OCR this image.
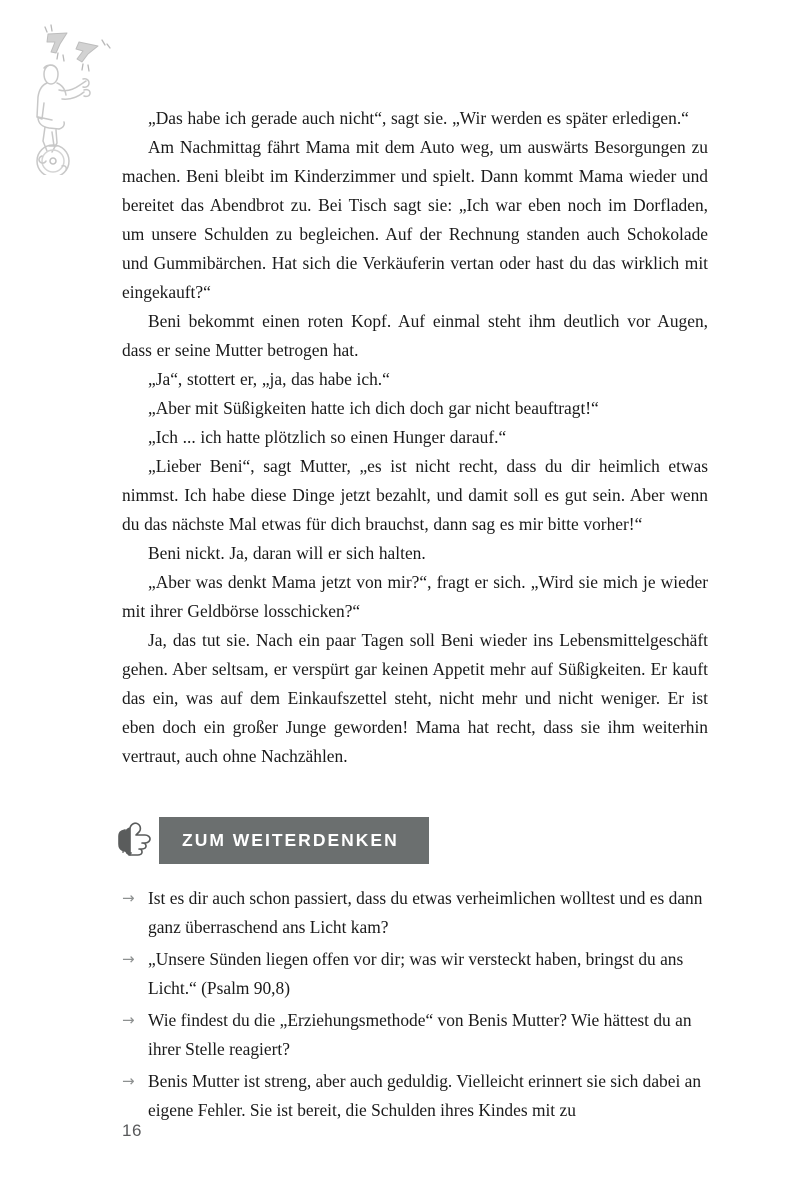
„Das habe ich gerade auch nicht“, sagt sie. „Wir werden es später erledigen.“

Am Nachmittag fährt Mama mit dem Auto weg, um auswärts Besorgungen zu machen. Beni bleibt im Kinderzimmer und spielt. Dann kommt Mama wieder und bereitet das Abendbrot zu. Bei Tisch sagt sie: „Ich war eben noch im Dorfladen, um unsere Schulden zu begleichen. Auf der Rechnung standen auch Schokolade und Gummibärchen. Hat sich die Verkäuferin vertan oder hast du das wirklich mit eingekauft?“

Beni bekommt einen roten Kopf. Auf einmal steht ihm deutlich vor Augen, dass er seine Mutter betrogen hat.

„Ja“, stottert er, „ja, das habe ich.“

„Aber mit Süßigkeiten hatte ich dich doch gar nicht beauftragt!“

„Ich ... ich hatte plötzlich so einen Hunger darauf.“

„Lieber Beni“, sagt Mutter, „es ist nicht recht, dass du dir heimlich etwas nimmst. Ich habe diese Dinge jetzt bezahlt, und damit soll es gut sein. Aber wenn du das nächste Mal etwas für dich brauchst, dann sag es mir bitte vorher!“

Beni nickt. Ja, daran will er sich halten.

„Aber was denkt Mama jetzt von mir?“, fragt er sich. „Wird sie mich je wieder mit ihrer Geldbörse losschicken?“

Ja, das tut sie. Nach ein paar Tagen soll Beni wieder ins Lebensmittelgeschäft gehen. Aber seltsam, er verspürt gar keinen Appetit mehr auf Süßigkeiten. Er kauft das ein, was auf dem Einkaufszettel steht, nicht mehr und nicht weniger. Er ist eben doch ein großer Junge geworden! Mama hat recht, dass sie ihm weiterhin vertraut, auch ohne Nachzählen.

ZUM WEITERDENKEN
→ Ist es dir auch schon passiert, dass du etwas verheimlichen wolltest und es dann ganz überraschend ans Licht kam?
→ „Unsere Sünden liegen offen vor dir; was wir versteckt haben, bringst du ans Licht.“ (Psalm 90,8)
→ Wie findest du die „Erziehungsmethode“ von Benis Mutter? Wie hättest du an ihrer Stelle reagiert?
→ Benis Mutter ist streng, aber auch geduldig. Vielleicht erinnert sie sich dabei an eigene Fehler. Sie ist bereit, die Schulden ihres Kindes mit zu
16
